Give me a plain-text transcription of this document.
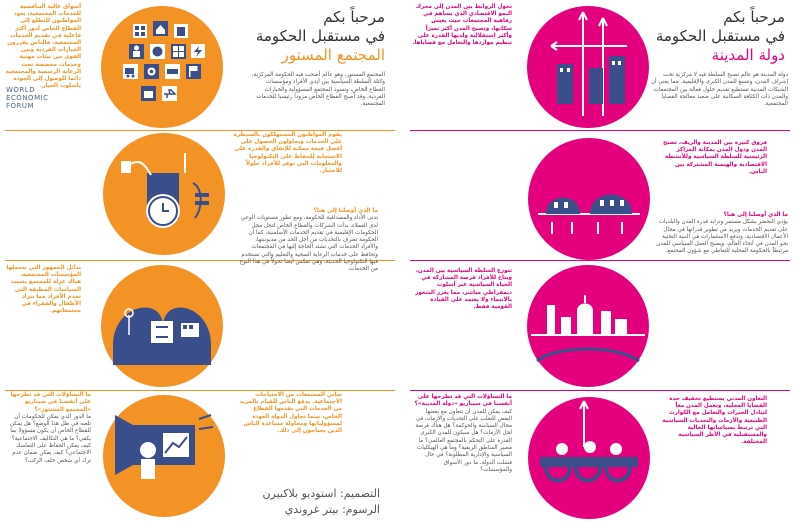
مرحباً بكم
في مستقبل الحكومة
المجتمع المستور
المجتمع المستور، وهو عالم أضحت فيه الحكومة المركزية، وكتلة السلطة السياسية بين أيدي الأفراد ومؤسسات القطاع الخاص، وتسود المجتمع المسؤولية والخيارات الفردية، وقد أصبح القطاع الخاص مزودا رئيسيا للخدمات المجتمعية.
WORLD
ECONOMIC
FORUM
أسواق عالية التنافسية للخدمات المجتمعية، يعود المواطنون للتطلع إلى القطاع الخاص لدور أكثر فاعلية في تقديم الخدمات المجتمعية. فالناس يقررون الخيارات الفردية وبين القوى بين بيئات مهنية وخدمات مخصصة تحت الرعاية الرسمية والمجتمعية دائما للوصول إلى الجودة بأسلوب الخيار.
يقوم المواطنون المستهلكون بالسيطرة على الخدمات ويحاولون الحصول على أفضل قيمة ممكنة للإنفاق والقدرة على الاستجابة للحفاظ على التكنولوجيا والمعلومات التي توفر للأفراد حلولاً للاختيار.
ما الذي أوصلنا إلى هنا؟
تدنى الأداء والمصداقية للحكومة، ومع تطور مستويات الوعي لدى العملاء، بدأت الشركات والقطاع الخاص لتحل محل الحكومات الإقليمية في تقديم الخدمات الأساسية، كما أن الحكومة تعترف بالتحديات من أجل الحد من مديونيتها، والأفراد الخدمات التي تشتد الحاجة إليها في المجتمعات وتحافظ على خدمات الرعاية الصحية والتعليم والتي تستخدم فيها التكنولوجيا الحديثة، وهي تعكس أيضا تحولاً في هذا النوع من الخدمات.
بدائل الجمهور التي تتحملها المؤسسات المجتمعية. هناك عزلة للمجتمع بسبب السياسات المطبقة التي تخدم الأفراد مما يترك الأطفال والفقراء في مجتمعاتهم.
تعاني المجتمعات من الاحتياجات الاجتماعية. يدفع الناس للقيام بالمزيد من الخدمات التي يقدمها القطاع الخاص، بينما تحاول الدولة العودة لمسؤولياتها ومحاولة مساعدة الناس الذين يحتاجون إلى ذلك.
ما التساؤلات التي قد تطرحها على أنفسنا في سيناريو «المجتمع المستور»؟
ما الدور الذي يمكن للحكومات أن تلعبه في ظل هذا الوضع؟ هل يمكن للقطاع الخاص أن يكون مسؤولا بما يكفي؟ ما هي التكاليف الاجتماعية؟ كيف يمكن الحفاظ على التماسك الاجتماعي؟ كيف يمكن ضمان عدم ترك أي شخص خلف الركب؟
التصميم: استوديو بلاكبيرن
الرسوم: بيتر غروندي
مرحباً بكم
في مستقبل الحكومة
دولة المدينة
دولة المدينة هو عالم تصبح السلطة فيه لا مركزية تحت إشراف المدن، وتتسع للمدن الكبرى والإقليمية. مما يعني أن الشبكات المدنية تستطيع تقديم حلول فعالة بين المجتمعات والمدن ذات الكثافة السكانية على صعيد معالجة القضايا المجتمعية.
تحول الروابط بين المدن إلى محرك النمو الاقتصادي الذي يساهم في رفاهية المجتمعات حيث يعيش سكانها، وتصبح المدن أكثر تميزاً وأكثر استقلالية ولديها القدرة على تنظيم مواردها والتعامل مع قضاياها.
فروق كبيرة بين المدينة والريف، تصبح المدن ودول المدن بمكانة المراكز الرئيسية للسلطة السياسية وللأنشطة الاقتصادية والهيمنة المشتركة بين الناس.
ما الذي أوصلنا إلى هنا؟
يؤدي التحضر بشكل مستمر وتزايد قدرة المدن والبلديات على تقديم الخدمات ويزيد من تطوير قدراتها في مجال الأعمال الاقتصادية، وتدفع الاستثمارات في البنية التحتية نحو المدن في أنحاء العالم، ويصبح العمل السياسي للمدن مرتبطاً بالحكومة المحلية للتعاطي مع شؤون المجتمع.
تتوزع السلطة السياسية بين المدن، ويتاح للأفراد فرصة المشاركة في الحياة السياسية عبر أسلوب ديمقراطي مباشر، مما يعزز الشعور بالانتماء ولا يعتمد على القيادة القومية فقط.
التعاون المدني يستطيع تخفيف حدة القضايا المحلية، وتعمل المدن معاً لتبادل الخبرات والتعامل مع الكوارث الطبيعية والأزمات والتحديات السياسية التي ترتبط بسياساتها الحالية والمستقبلية في الأطر السياسية المختلفة.
ما التساؤلات التي قد تطرحها على أنفسنا في سيناريو «دولة المدينة»؟
كيف يمكن للمدن أن تتعاون مع بعضها البعض للتغلب على التحديات والأزمات في مجال السياسة والحوكمة؟ هل هناك فرصة لحل الأزمات؟ هل سيكون للمدن الكبرى القدرة على التحكم بالمجتمع العالمي؟ ما مصير المناطق الريفية؟ وما هي الهيكليات السياسية والإدارية المطلوبة؟ في حال فشلت الدولة، ما دور الأسواق والمؤسسات؟
